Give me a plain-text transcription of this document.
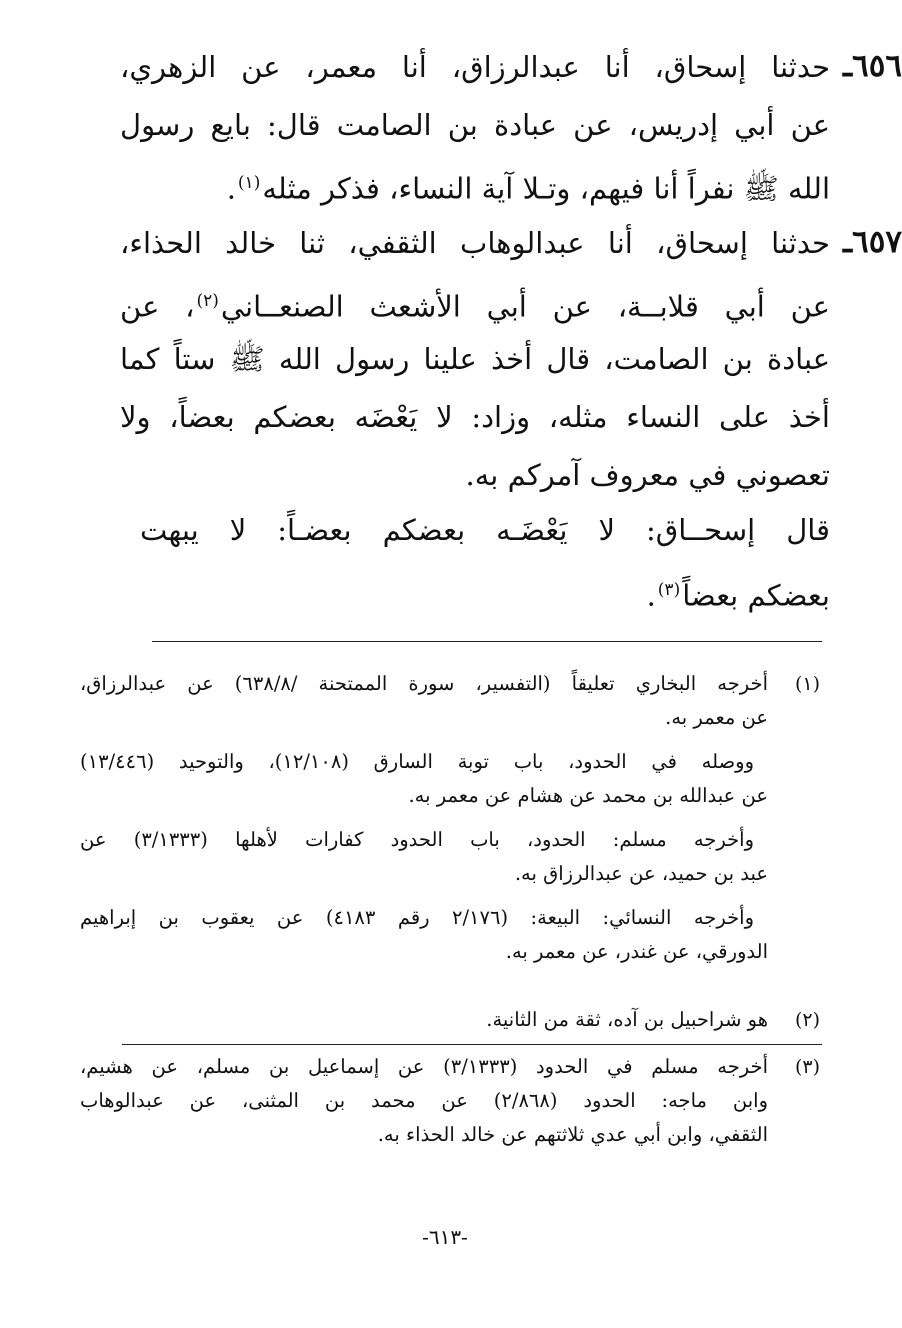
٦٥٦ـ
حدثنا إسحاق، أنا عبدالرزاق، أنا معمر، عن الزهري،
عن أبي إدريس، عن عبادة بن الصامت قال: بايع رسول
الله ﷺ نفراً أنا فيهم، وتـلا آية النساء، فذكر مثله$^{(١)}$.
٦٥٧ـ
حدثنا إسحاق، أنا عبدالوهاب الثقفي، ثنا خالد الحذاء،
عن أبي قلابــة، عن أبي الأشعث الصنعــاني$^{(٢)}$، عن
عبادة بن الصامت، قال أخذ علينا رسول الله ﷺ ستاً كما
أخذ على النساء مثله، وزاد: لا يَعْضَه بعضكم بعضاً، ولا
تعصوني في معروف آمركم به.
قال إسحــاق: لا يَعْضَـه بعضكم بعضـاً: لا يبهت
بعضكم بعضاً$^{(٣)}$.
(١)
أخرجه البخاري تعليقاً (التفسير، سورة الممتحنة /٦٣٨/٨) عن عبدالرزاق،
عن معمر به.
ووصله في الحدود، باب توبة السارق (١٢/١٠٨)، والتوحيد (١٣/٤٤٦)
عن عبدالله بن محمد عن هشام عن معمر به.
وأخرجه مسلم: الحدود، باب الحدود كفارات لأهلها (٣/١٣٣٣) عن
عبد بن حميد، عن عبدالرزاق به.
وأخرجه النسائي: البيعة: (٢/١٧٦ رقم ٤١٨٣) عن يعقوب بن إبراهيم
الدورقي، عن غندر، عن معمر به.
(٢)
هو شراحبيل بن آده، ثقة من الثانية.
(٣)
أخرجه مسلم في الحدود (٣/١٣٣٣) عن إسماعيل بن مسلم، عن هشيم،
وابن ماجه: الحدود (٢/٨٦٨) عن محمد بن المثنى، عن عبدالوهاب
الثقفي، وابن أبي عدي ثلاثتهم عن خالد الحذاء به.
-٦١٣-
